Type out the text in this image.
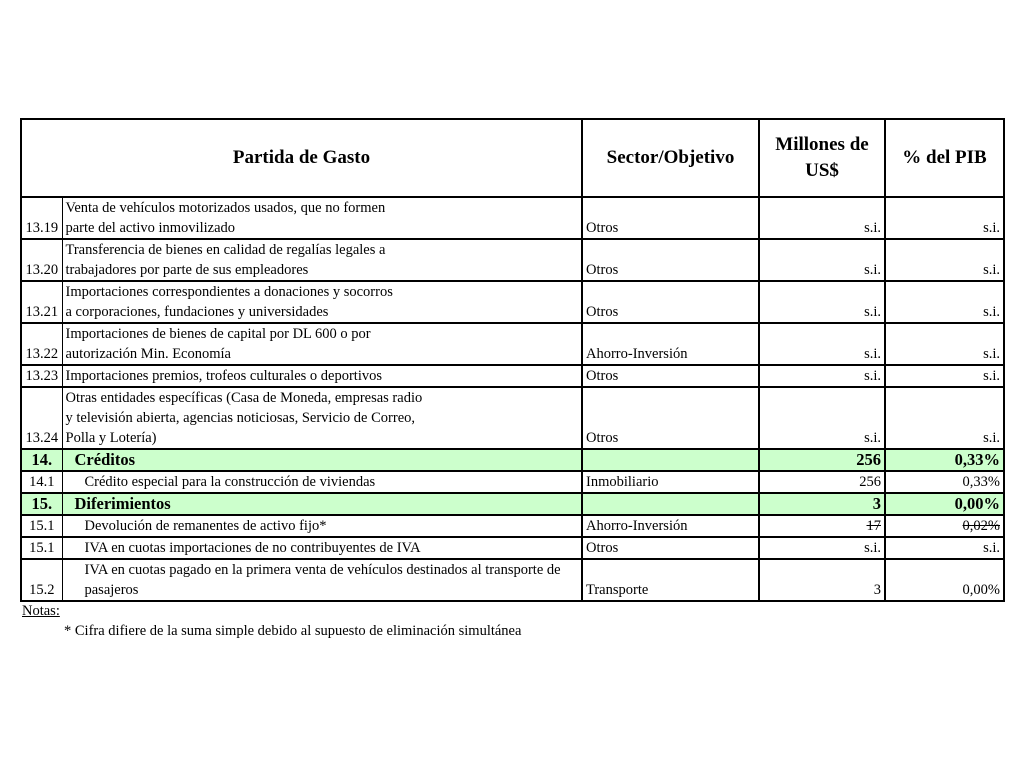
Partida de Gasto		Sector/Objetivo	Millones de US$	% del PIB
13.19	Venta de vehículos motorizados usados, que no formen
parte del activo inmovilizado	Otros	s.i.	s.i.
13.20	Transferencia de bienes en calidad de regalías legales a
trabajadores por parte de sus empleadores	Otros	s.i.	s.i.
13.21	Importaciones correspondientes a donaciones y socorros
a corporaciones, fundaciones y universidades	Otros	s.i.	s.i.
13.22	Importaciones de bienes de capital por DL 600 o por
autorización Min. Economía	Ahorro-Inversión	s.i.	s.i.
13.23	Importaciones premios, trofeos culturales o deportivos	Otros	s.i.	s.i.
13.24	Otras entidades específicas (Casa de Moneda, empresas radio
y televisión abierta, agencias noticiosas, Servicio de Correo,
Polla y Lotería)	Otros	s.i.	s.i.
14.	Créditos		256	0,33%
14.1	Crédito especial para la construcción de viviendas	Inmobiliario	256	0,33%
15.	Diferimientos		3	0,00%
15.1	Devolución de remanentes de activo fijo*	Ahorro-Inversión	17	0,02%
15.1	IVA en cuotas importaciones de no contribuyentes de IVA	Otros	s.i.	s.i.
15.2	IVA en cuotas pagado en la primera venta de vehículos destinados al transporte de
pasajeros	Transporte	3	0,00%
Notas:
* Cifra difiere de la suma simple debido al supuesto de eliminación simultánea
